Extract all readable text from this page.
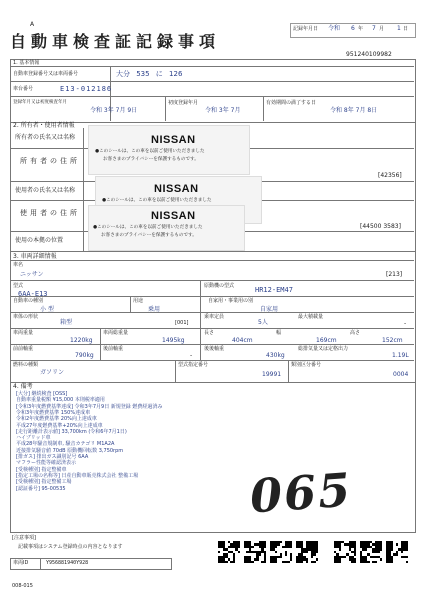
記録年月日 令和 6 年 7 月 1 日
A
自動車検査証記録事項
951240109982
1. 基本情報
自動車登録番号又は車両番号	大分 535 に 126
車台番号	E13-012186
登録年月又は初度検査年月
令和 3年 7月 9日
初度登録年月
令和 3年 7月
有効期間の満了する日
令和 8年 7月 8日
2. 所有者・使用者情報
所有者の氏名又は名称
所有者の住所
[42356]
使用者の氏名又は名称
使用者の住所
[44500 3583]
使用の本拠の位置
NISSAN
●このシールは、この車を以前ご使用いただきました
お客さまのプライバシーを保護するものです。
NISSAN
●このシールは、この車を以前ご使用いただきました
NISSAN
●このシールは、この車を以前ご使用いただきました
お客さまのプライバシーを保護するものです。
3. 車両詳細情報
車名
ニッサン	[213]
型式
6AA-E13
原動機の型式	HR12-EM47
自動車の種別
小 型
用途
乗用
自家用・事業用の別
自家用
車体の形状
箱型	[001]
乗車定員
5人
最大積載量
-
車両重量
1220kg
車両総重量
1495kg
長さ
404cm
幅
169cm
高さ
152cm
前前軸重
790kg
後前軸重
-
後後軸重
430kg
総排気量又は定格出力
1.19L
燃料の種類
ガソリン
型式指定番号
19991
類別区分番号
0004
4. 備考
[大分] 継続検査 [OSS]
自動車重量税額 ¥15,000 本則税率適用
[令和3年度燃費基準達成] 令和3年7月9日 新規登録 燃費経過済み
令和3年度燃費基準 150%達成車
令和2年度燃費基準 20%向上達成車
平成27年度燃費基準+20%向上達成車
[走行距離計表示値] 33,700km (令和6年7月1日)
ハイブリッド車
平成28年騒音規制車, 騒音カテゴリ M1A2A
近接排気騒音値 70dB 原動機回転数 3,750rpm
[排ガス] 排出ガス識別記号 6AA
マフラー性能等確認済表示
[受検種別] 指定整備車
[指定工場の名称等] 日産自動車販売株式会社 整備工場
[受検種別] 指定整備工場
[認証番号] 95-00535	065
[注意事項]
記載事項はシステム登録時点の内容となります
車両ID	Y956881940Y928
008-015
